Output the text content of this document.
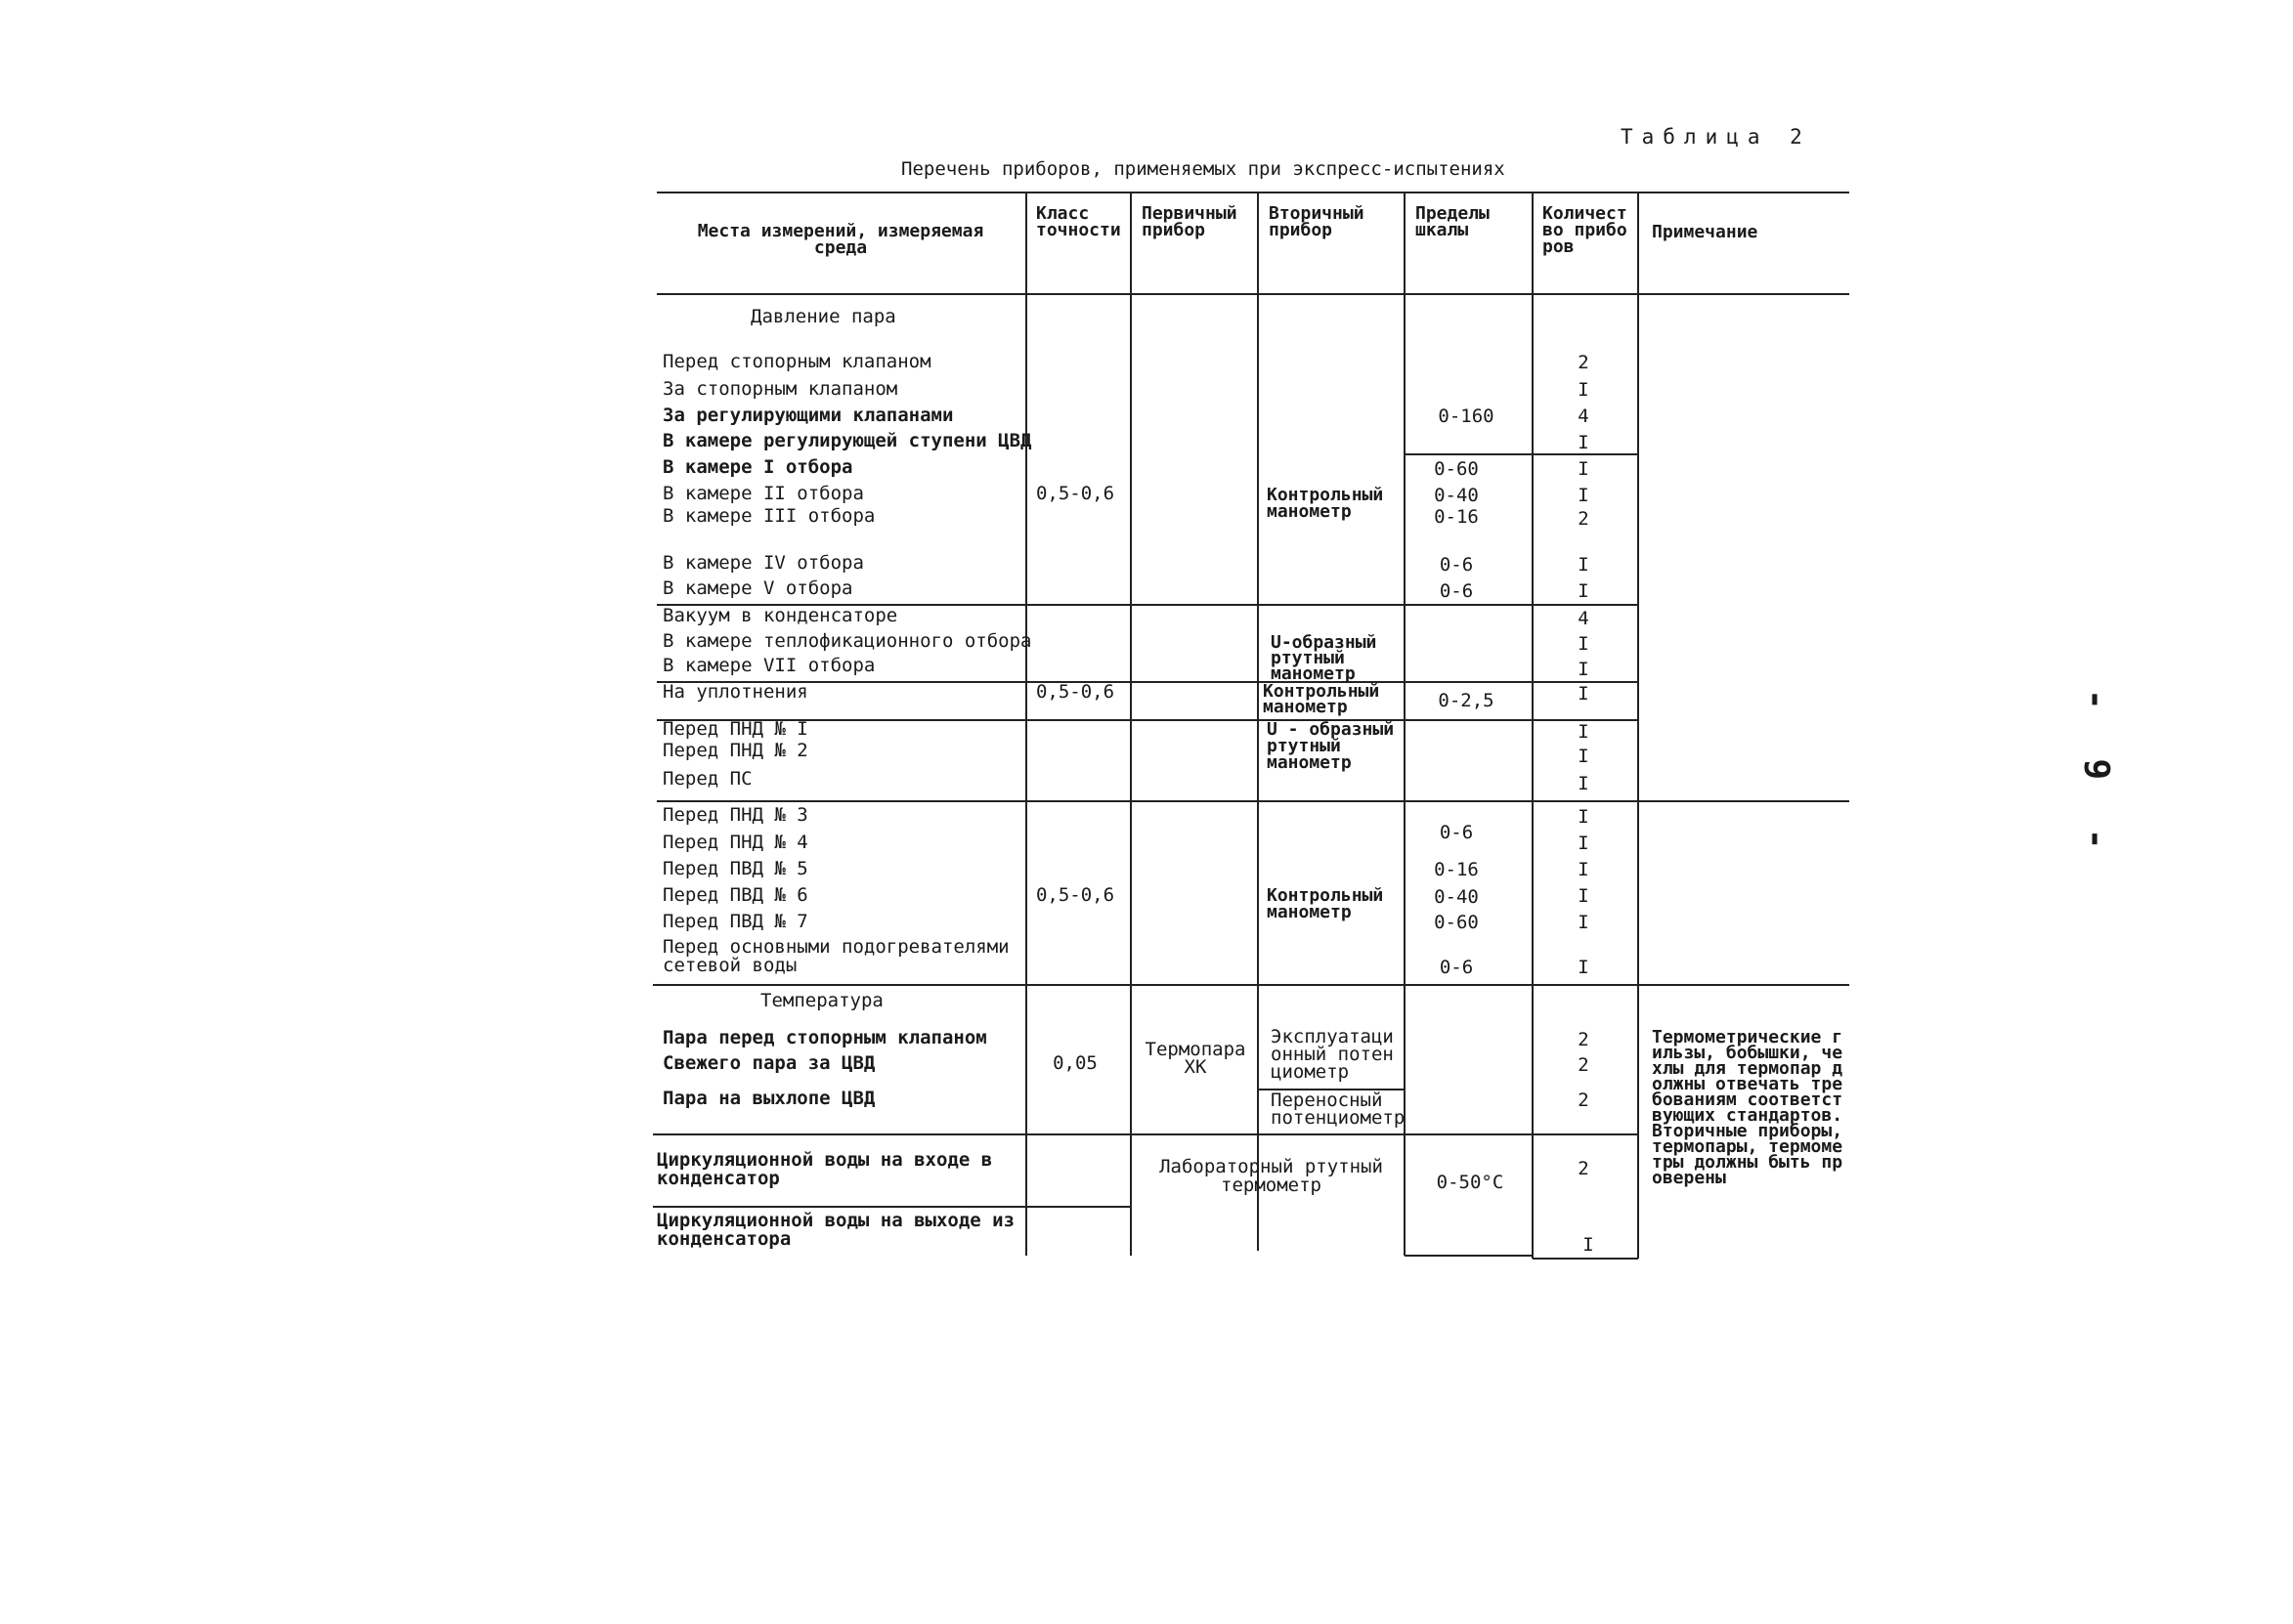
Таблица 2
Перечень приборов, применяемых при экспресс-испытениях
- 9 -
Места измерений, измеряемая среда
Класс точности
Первичный прибор
Вторичный прибор
Пределы шкалы
Количество приборов
Примечание
Давление пара
Перед стопорным клапаном
За стопорным клапаном
За регулирующими клапанами
В камере регулирующей ступени ЦВД
В камере I отбора
В камере II отбора
В камере III отбора
В камере IV отбора
В камере V отбора
Вакуум в конденсаторе
В камере теплофикационного отбора
В камере VII отбора
На уплотнения
Перед ПНД № I
Перед ПНД № 2
Перед ПС
Перед ПНД № 3
Перед ПНД № 4
Перед ПВД № 5
Перед ПВД № 6
Перед ПВД № 7
Перед основными подогревателями сетевой воды
Температура
Пара перед стопорным клапаном
Свежего пара за ЦВД
Пара на выхлопе ЦВД
Циркуляционной воды на входе в конденсатор
Циркуляционной воды на выходе из конденсатора
0,5-0,6
0,5-0,6
0,5-0,6
0,05
Термопара ХК
Лабораторный ртутный термометр
Контрольный манометр
U-образный ртутный манометр
Контрольный манометр
U - образный ртутный манометр
Контрольный манометр
Эксплуатационный потенциометр
Переносный потенциометр
0-160
0-60
0-40
0-16
0-6
0-6
0-2,5
0-6
0-16
0-40
0-60
0-6
0-50°С
2
I
4
I
I
I
2
I
I
4
I
I
I
I
I
I
I
I
I
I
I
I
2
2
2
2
I
Термометрические гильзы, бобышки, чехлы для термопар должны отвечать требованиям соответствующих стандартов. Вторичные приборы, термопары, термометры должны быть проверены
